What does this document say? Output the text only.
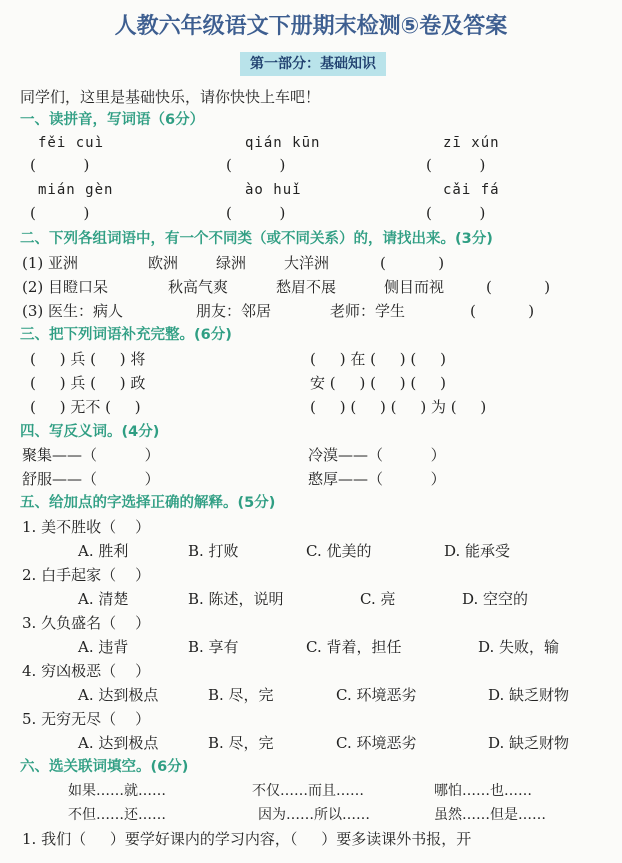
人教六年级语文下册期末检测⑤卷及答案
第一部分：基础知识
同学们，这里是基础快乐，请你快快上车吧！
一、读拼音，写词语（6分）
fěi cuì	qián kūn	zī xún
(          )	(          )	(          )
mián gèn	ào huǐ	cǎi fá
(          )	(          )	(          )
二、下列各组词语中，有一个不同类（或不同关系）的，请找出来。(3分)
(1) 亚洲	欧洲	绿洲	大洋洲	(           )
(2) 目瞪口呆	秋高气爽	愁眉不展	侧目而视	(           )
(3) 医生：病人	朋友：邻居	老师：学生	(           )
三、把下列词语补充完整。(6分)
(     ) 兵 (     ) 将	(     ) 在 (     ) (     )
(     ) 兵 (     ) 政	安 (     ) (     ) (     )
(     ) 无不 (     )	(     ) (     ) (     ) 为 (     )
四、写反义词。(4分)
聚集——（          ）	冷漠——（          ）
舒服——（          ）	憨厚——（          ）
五、给加点的字选择正确的解释。(5分)
1. 美不胜收（    ）
A. 胜利	B. 打败	C. 优美的	D. 能承受
2. 白手起家（    ）
A. 清楚	B. 陈述，说明	C. 亮	D. 空空的
3. 久负盛名（    ）
A. 违背	B. 享有	C. 背着，担任	D. 失败，输
4. 穷凶极恶（    ）
A. 达到极点	B. 尽，完	C. 环境恶劣	D. 缺乏财物
5. 无穷无尽（    ）
A. 达到极点	B. 尽，完	C. 环境恶劣	D. 缺乏财物
六、选关联词填空。(6分)
如果……就……	不仅……而且……	哪怕……也……
不但……还……	因为……所以……	虽然……但是……
1. 我们（     ）要学好课内的学习内容，（     ）要多读课外书报，开
